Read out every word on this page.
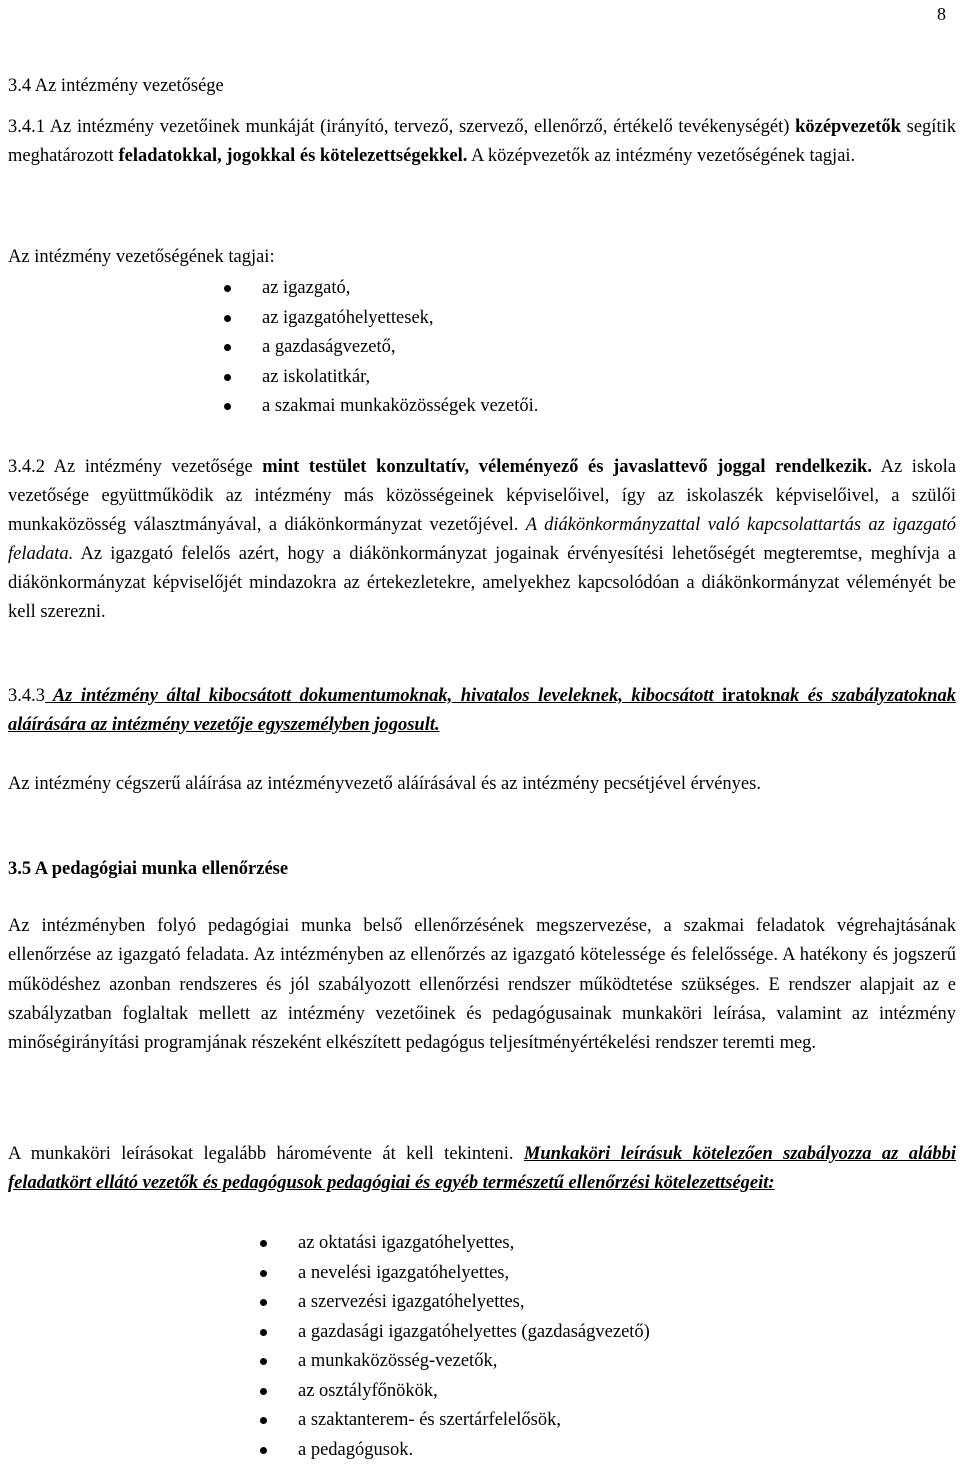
8
3.4 Az intézmény vezetősége

3.4.1 Az intézmény vezetőinek munkáját (irányító, tervező, szervező, ellenőrző, értékelő tevékenységét) középvezetők segítik meghatározott feladatokkal, jogokkal és kötelezettségekkel. A középvezetők az intézmény vezetőségének tagjai.

Az intézmény vezetőségének tagjai:
az igazgató,
az igazgatóhelyettesek,
a gazdaságvezető,
az iskolatitkár,
a szakmai munkaközösségek vezetői.

3.4.2 Az intézmény vezetősége mint testület konzultatív, véleményező és javaslattevő joggal rendelkezik. Az iskola vezetősége együttműködik az intézmény más közösségeinek képviselőivel, így az iskolaszék képviselőivel, a szülői munkaközösség választmányával, a diákönkormányzat vezetőjével. A diákönkormányzattal való kapcsolattartás az igazgató feladata. Az igazgató felelős azért, hogy a diákönkormányzat jogainak érvényesítési lehetőségét megteremtse, meghívja a diákönkormányzat képviselőjét mindazokra az értekezletekre, amelyekhez kapcsolódóan a diákönkormányzat véleményét be kell szerezni.

3.4.3 Az intézmény által kibocsátott dokumentumoknak, hivatalos leveleknek, kibocsátott iratoknak és szabályzatoknak aláírására az intézmény vezetője egyszemélyben jogosult.

Az intézmény cégszerű aláírása az intézményvezető aláírásával és az intézmény pecsétjével érvényes.

3.5 A pedagógiai munka ellenőrzése

Az intézményben folyó pedagógiai munka belső ellenőrzésének megszervezése, a szakmai feladatok végrehajtásának ellenőrzése az igazgató feladata. Az intézményben az ellenőrzés az igazgató kötelessége és felelőssége. A hatékony és jogszerű működéshez azonban rendszeres és jól szabályozott ellenőrzési rendszer működtetése szükséges. E rendszer alapjait az e szabályzatban foglaltak mellett az intézmény vezetőinek és pedagógusainak munkaköri leírása, valamint az intézmény minőségirányítási programjának részeként elkészített pedagógus teljesítményértékelési rendszer teremti meg.

A munkaköri leírásokat legalább háromévente át kell tekinteni. Munkaköri leírásuk kötelezően szabályozza az alábbi feladatkört ellátó vezetők és pedagógusok pedagógiai és egyéb természetű ellenőrzési kötelezettségeit:

az oktatási igazgatóhelyettes,
a nevelési igazgatóhelyettes,
a szervezési igazgatóhelyettes,
a gazdasági igazgatóhelyettes (gazdaságvezető)
a munkaközösség-vezetők,
az osztályfőnökök,
a szaktanterem- és szertárfelelősök,
a pedagógusok.
